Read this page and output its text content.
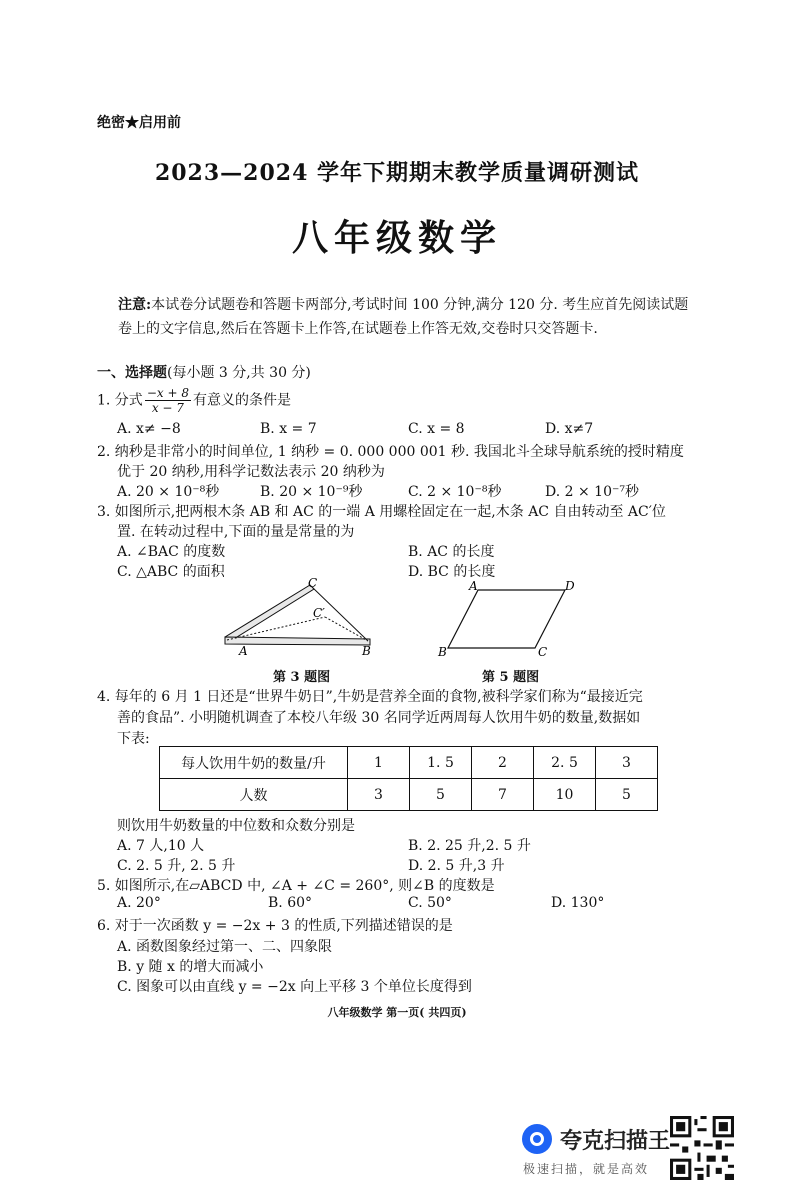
绝密★启用前
2023—2024 学年下期期末教学质量调研测试
八年级数学
注意:本试卷分试题卷和答题卡两部分,考试时间 100 分钟,满分 120 分. 考生应首先阅读试题卷上的文字信息,然后在答题卡上作答,在试题卷上作答无效,交卷时只交答题卡.
一、选择题(每小题 3 分,共 30 分)
1. 分式 $\frac{-x + 8}{x - 7}$ 有意义的条件是
A. x≠ −8	B. x = 7	C. x = 8	D. x≠7
2. 纳秒是非常小的时间单位, 1 纳秒 = 0. 000 000 001 秒. 我国北斗全球导航系统的授时精度
优于 20 纳秒,用科学记数法表示 20 纳秒为
A. 20 × 10⁻⁸秒	B. 20 × 10⁻⁹秒	C. 2 × 10⁻⁸秒	D. 2 × 10⁻⁷秒
3. 如图所示,把两根木条 AB 和 AC 的一端 A 用螺栓固定在一起,木条 AC 自由转动至 AC′位
置. 在转动过程中,下面的量是常量的为
A. ∠BAC 的度数	B. AC 的长度
C. △ABC 的面积	D. BC 的长度
C
C′
A	B
第 3 题图
A	D
B	C
第 5 题图
4. 每年的 6 月 1 日还是“世界牛奶日”,牛奶是营养全面的食物,被科学家们称为“最接近完
善的食品”. 小明随机调查了本校八年级 30 名同学近两周每人饮用牛奶的数量,数据如
下表:
每人饮用牛奶的数量/升	1	1. 5	2	2. 5	3
人数	3	5	7	10	5
则饮用牛奶数量的中位数和众数分别是
A. 7 人,10 人	B. 2. 25 升,2. 5 升
C. 2. 5 升, 2. 5 升	D. 2. 5 升,3 升
5. 如图所示,在▱ABCD 中, ∠A + ∠C = 260°, 则∠B 的度数是
A. 20°	B. 60°	C. 50°	D. 130°
6. 对于一次函数 y = −2x + 3 的性质,下列描述错误的是
A. 函数图象经过第一、二、四象限
B. y 随 x 的增大而减小
C. 图象可以由直线 y = −2x 向上平移 3 个单位长度得到
八年级数学 第一页( 共四页)
夸克扫描王
极速扫描，就是高效
